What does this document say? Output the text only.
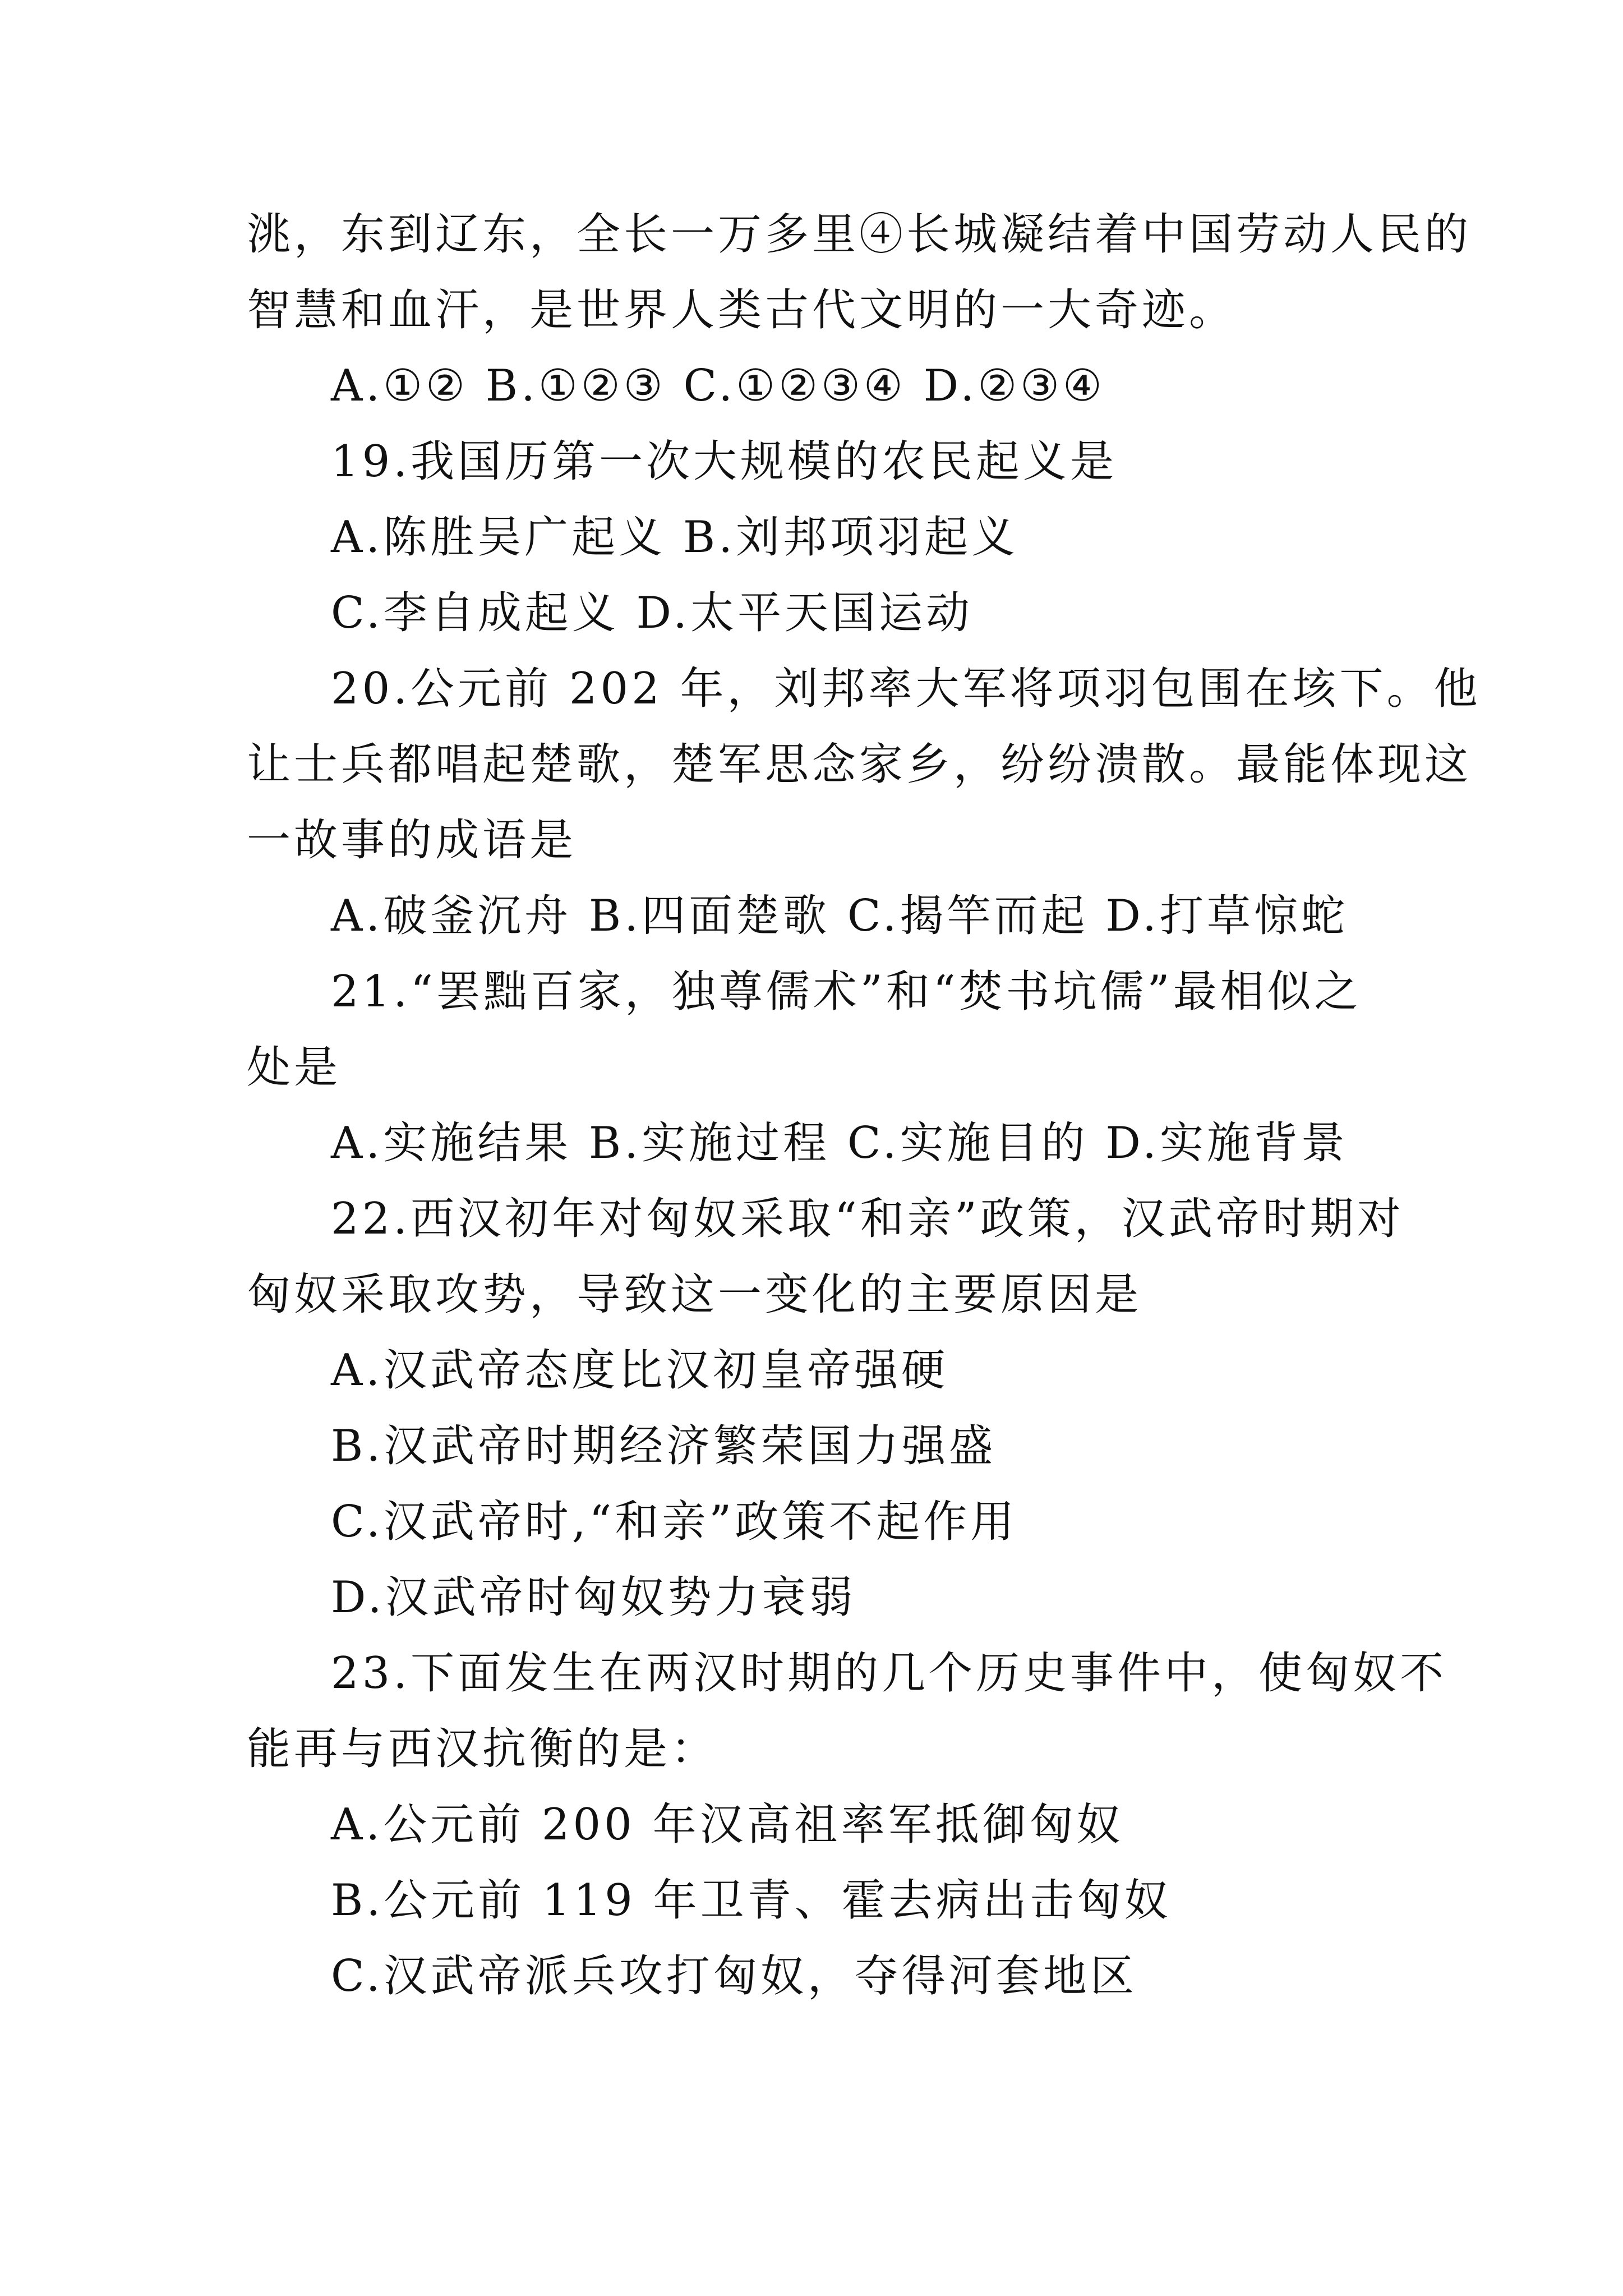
洮，东到辽东，全长一万多里④长城凝结着中国劳动人民的
智慧和血汗，是世界人类古代文明的一大奇迹。
A.①② B.①②③ C.①②③④ D.②③④
19.我国历第一次大规模的农民起义是
A.陈胜吴广起义 B.刘邦项羽起义
C.李自成起义 D.太平天国运动
20.公元前 202 年，刘邦率大军将项羽包围在垓下。他
让士兵都唱起楚歌，楚军思念家乡，纷纷溃散。最能体现这
一故事的成语是
A.破釜沉舟 B.四面楚歌 C.揭竿而起 D.打草惊蛇
21.“罢黜百家，独尊儒术”和“焚书坑儒”最相似之
处是
A.实施结果 B.实施过程 C.实施目的 D.实施背景
22.西汉初年对匈奴采取“和亲”政策，汉武帝时期对
匈奴采取攻势，导致这一变化的主要原因是
A.汉武帝态度比汉初皇帝强硬
B.汉武帝时期经济繁荣国力强盛
C.汉武帝时,“和亲”政策不起作用
D.汉武帝时匈奴势力衰弱
23.下面发生在两汉时期的几个历史事件中，使匈奴不
能再与西汉抗衡的是：
A.公元前 200 年汉高祖率军抵御匈奴
B.公元前 119 年卫青、霍去病出击匈奴
C.汉武帝派兵攻打匈奴，夺得河套地区
